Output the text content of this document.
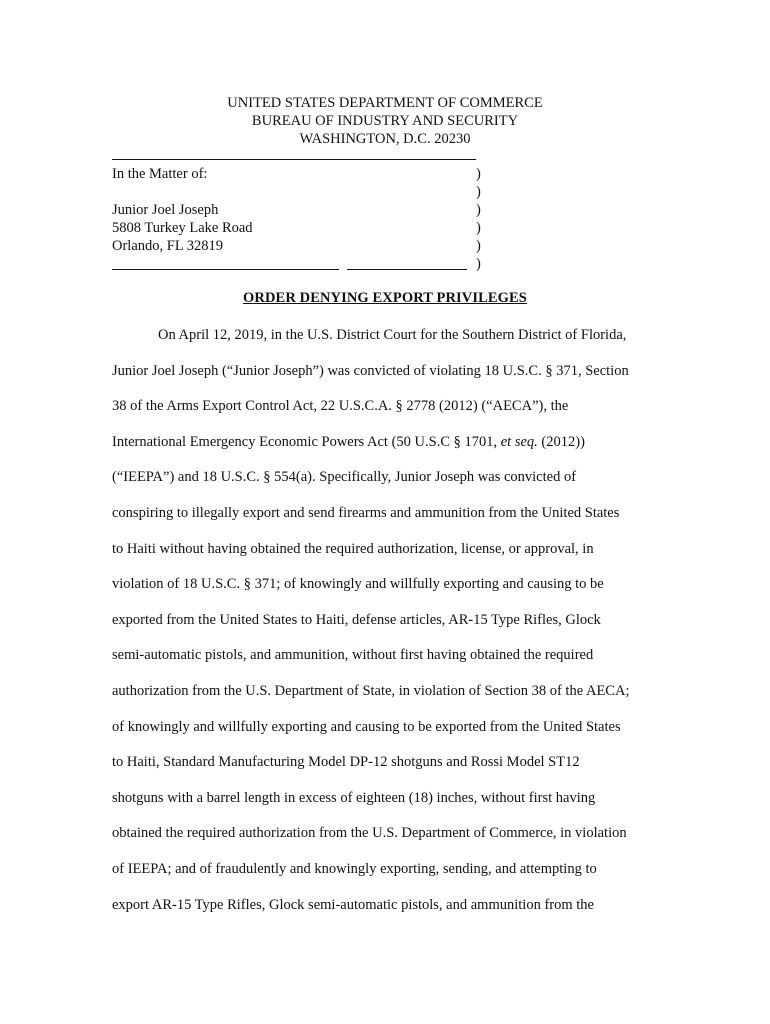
UNITED STATES DEPARTMENT OF COMMERCE
BUREAU OF INDUSTRY AND SECURITY
WASHINGTON, D.C. 20230
In the Matter of:
Junior Joel Joseph
5808 Turkey Lake Road
Orlando, FL 32819
)
)
)
)
)
)
ORDER DENYING EXPORT PRIVILEGES
On April 12, 2019, in the U.S. District Court for the Southern District of Florida,
Junior Joel Joseph (“Junior Joseph”) was convicted of violating 18 U.S.C. § 371, Section
38 of the Arms Export Control Act, 22 U.S.C.A. § 2778 (2012) (“AECA”), the
International Emergency Economic Powers Act (50 U.S.C § 1701, et seq. (2012))
(“IEEPA”) and 18 U.S.C. § 554(a). Specifically, Junior Joseph was convicted of
conspiring to illegally export and send firearms and ammunition from the United States
to Haiti without having obtained the required authorization, license, or approval, in
violation of 18 U.S.C. § 371; of knowingly and willfully exporting and causing to be
exported from the United States to Haiti, defense articles, AR-15 Type Rifles, Glock
semi-automatic pistols, and ammunition, without first having obtained the required
authorization from the U.S. Department of State, in violation of Section 38 of the AECA;
of knowingly and willfully exporting and causing to be exported from the United States
to Haiti, Standard Manufacturing Model DP-12 shotguns and Rossi Model ST12
shotguns with a barrel length in excess of eighteen (18) inches, without first having
obtained the required authorization from the U.S. Department of Commerce, in violation
of IEEPA; and of fraudulently and knowingly exporting, sending, and attempting to
export AR-15 Type Rifles, Glock semi-automatic pistols, and ammunition from the
